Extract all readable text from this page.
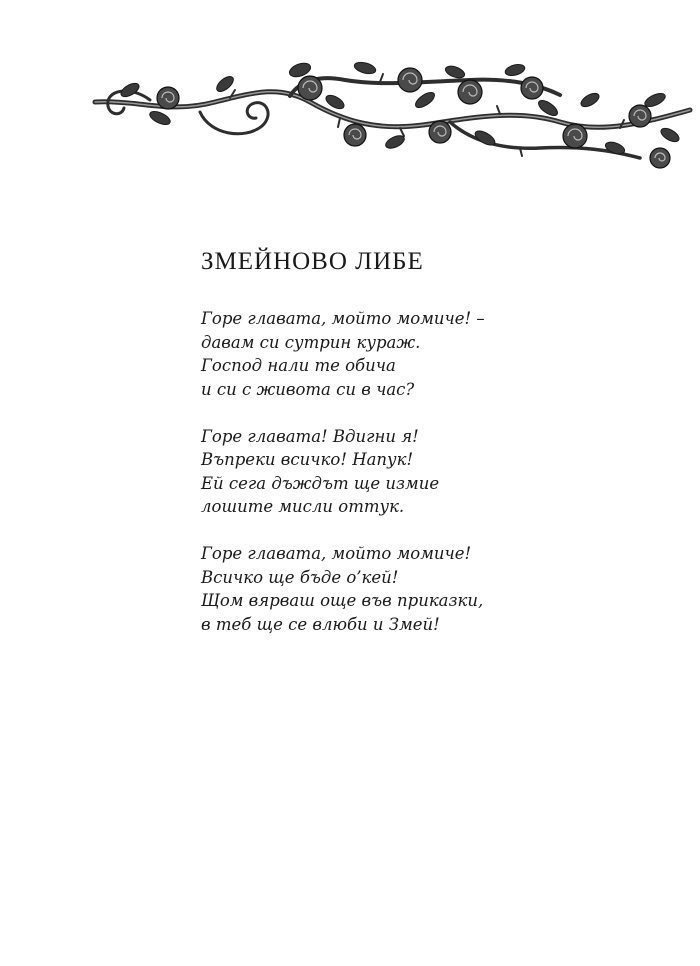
ЗМЕЙНОВО ЛИБЕ
Горе главата, мойто момиче! –
давам си сутрин кураж.
Господ нали те обича
и си с живота си в час?
Горе главата! Вдигни я!
Въпреки всичко! Напук!
Ей сега дъждът ще измие
лошите мисли оттук.
Горе главата, мойто момиче!
Всичко ще бъде о’кей!
Щом вярваш още във приказки,
в теб ще се влюби и Змей!
